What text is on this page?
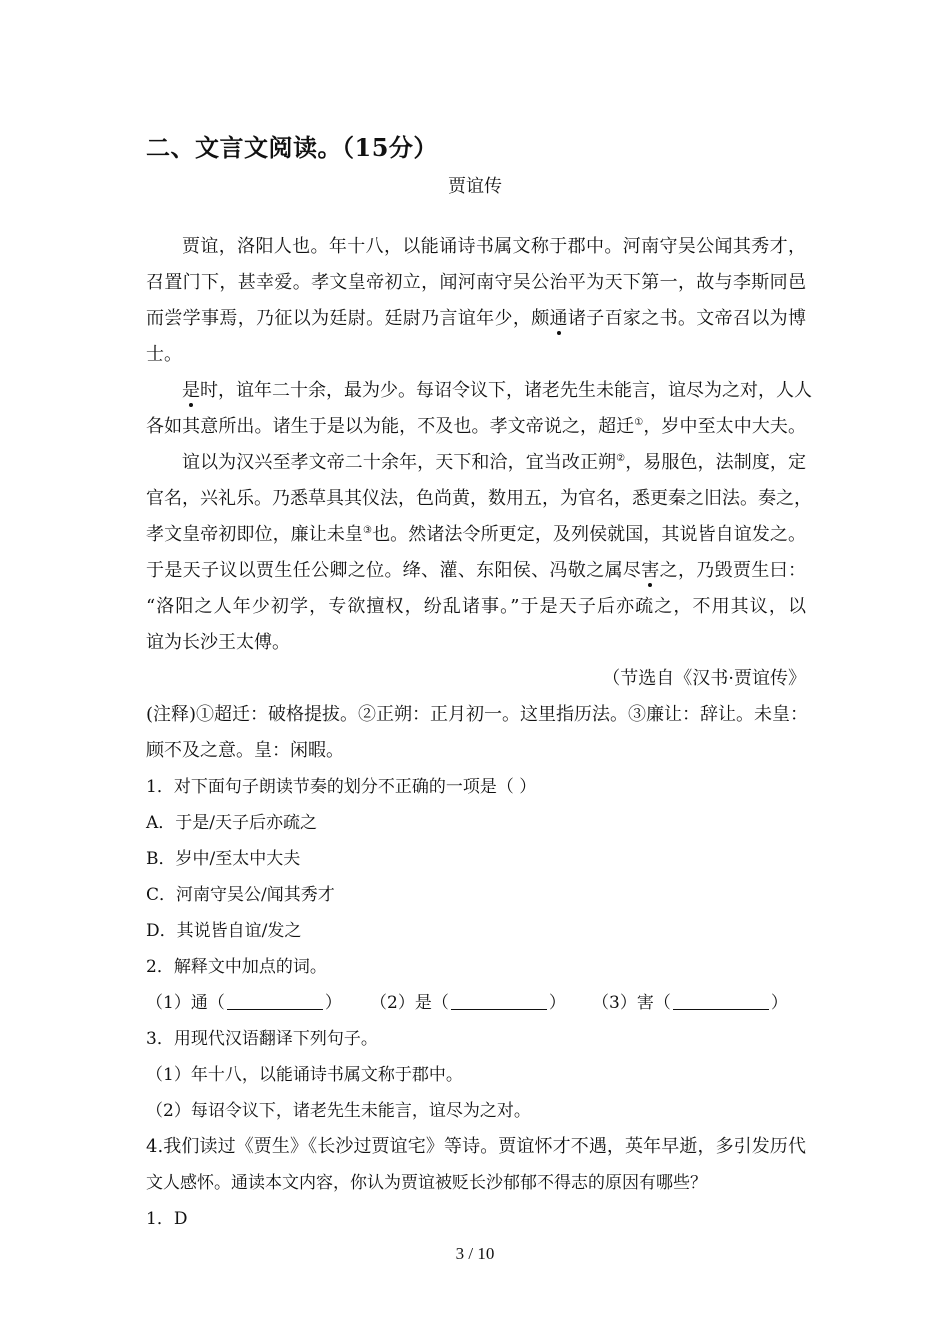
二、文言文阅读。（15分）
贾谊传
贾谊，洛阳人也。年十八，以能诵诗书属文称于郡中。河南守吴公闻其秀才，
召置门下，甚幸爱。孝文皇帝初立，闻河南守吴公治平为天下第一，故与李斯同邑
而尝学事焉，乃征以为廷尉。廷尉乃言谊年少，颇通诸子百家之书。文帝召以为博
士。
是时，谊年二十余，最为少。每诏令议下，诸老先生未能言，谊尽为之对，人人
各如其意所出。诸生于是以为能，不及也。孝文帝说之，超迁①，岁中至太中大夫。
谊以为汉兴至孝文帝二十余年，天下和洽，宜当改正朔②，易服色，法制度，定
官名，兴礼乐。乃悉草具其仪法，色尚黄，数用五，为官名，悉更秦之旧法。奏之，
孝文皇帝初即位，廉让未皇③也。然诸法令所更定，及列侯就国，其说皆自谊发之。
于是天子议以贾生任公卿之位。绛、灌、东阳侯、冯敬之属尽害之，乃毁贾生曰：
“洛阳之人年少初学，专欲擅权，纷乱诸事。”于是天子后亦疏之，不用其议，以
谊为长沙王太傅。
（节选自《汉书·贾谊传》
(注释)①超迁：破格提拔。②正朔：正月初一。这里指历法。③廉让：辞让。未皇：
顾不及之意。皇：闲暇。
1．对下面句子朗读节奏的划分不正确的一项是（ ）
A．于是/天子后亦疏之
B．岁中/至太中大夫
C．河南守吴公/闻其秀才
D．其说皆自谊/发之
2．解释文中加点的词。
（1）通（	） （2）是（	） （3）害（	）
3．用现代汉语翻译下列句子。
（1）年十八，以能诵诗书属文称于郡中。
（2）每诏令议下，诸老先生未能言，谊尽为之对。
4.我们读过《贾生》《长沙过贾谊宅》等诗。贾谊怀才不遇，英年早逝，多引发历代
文人感怀。通读本文内容，你认为贾谊被贬长沙郁郁不得志的原因有哪些？
1．D
3 / 10
